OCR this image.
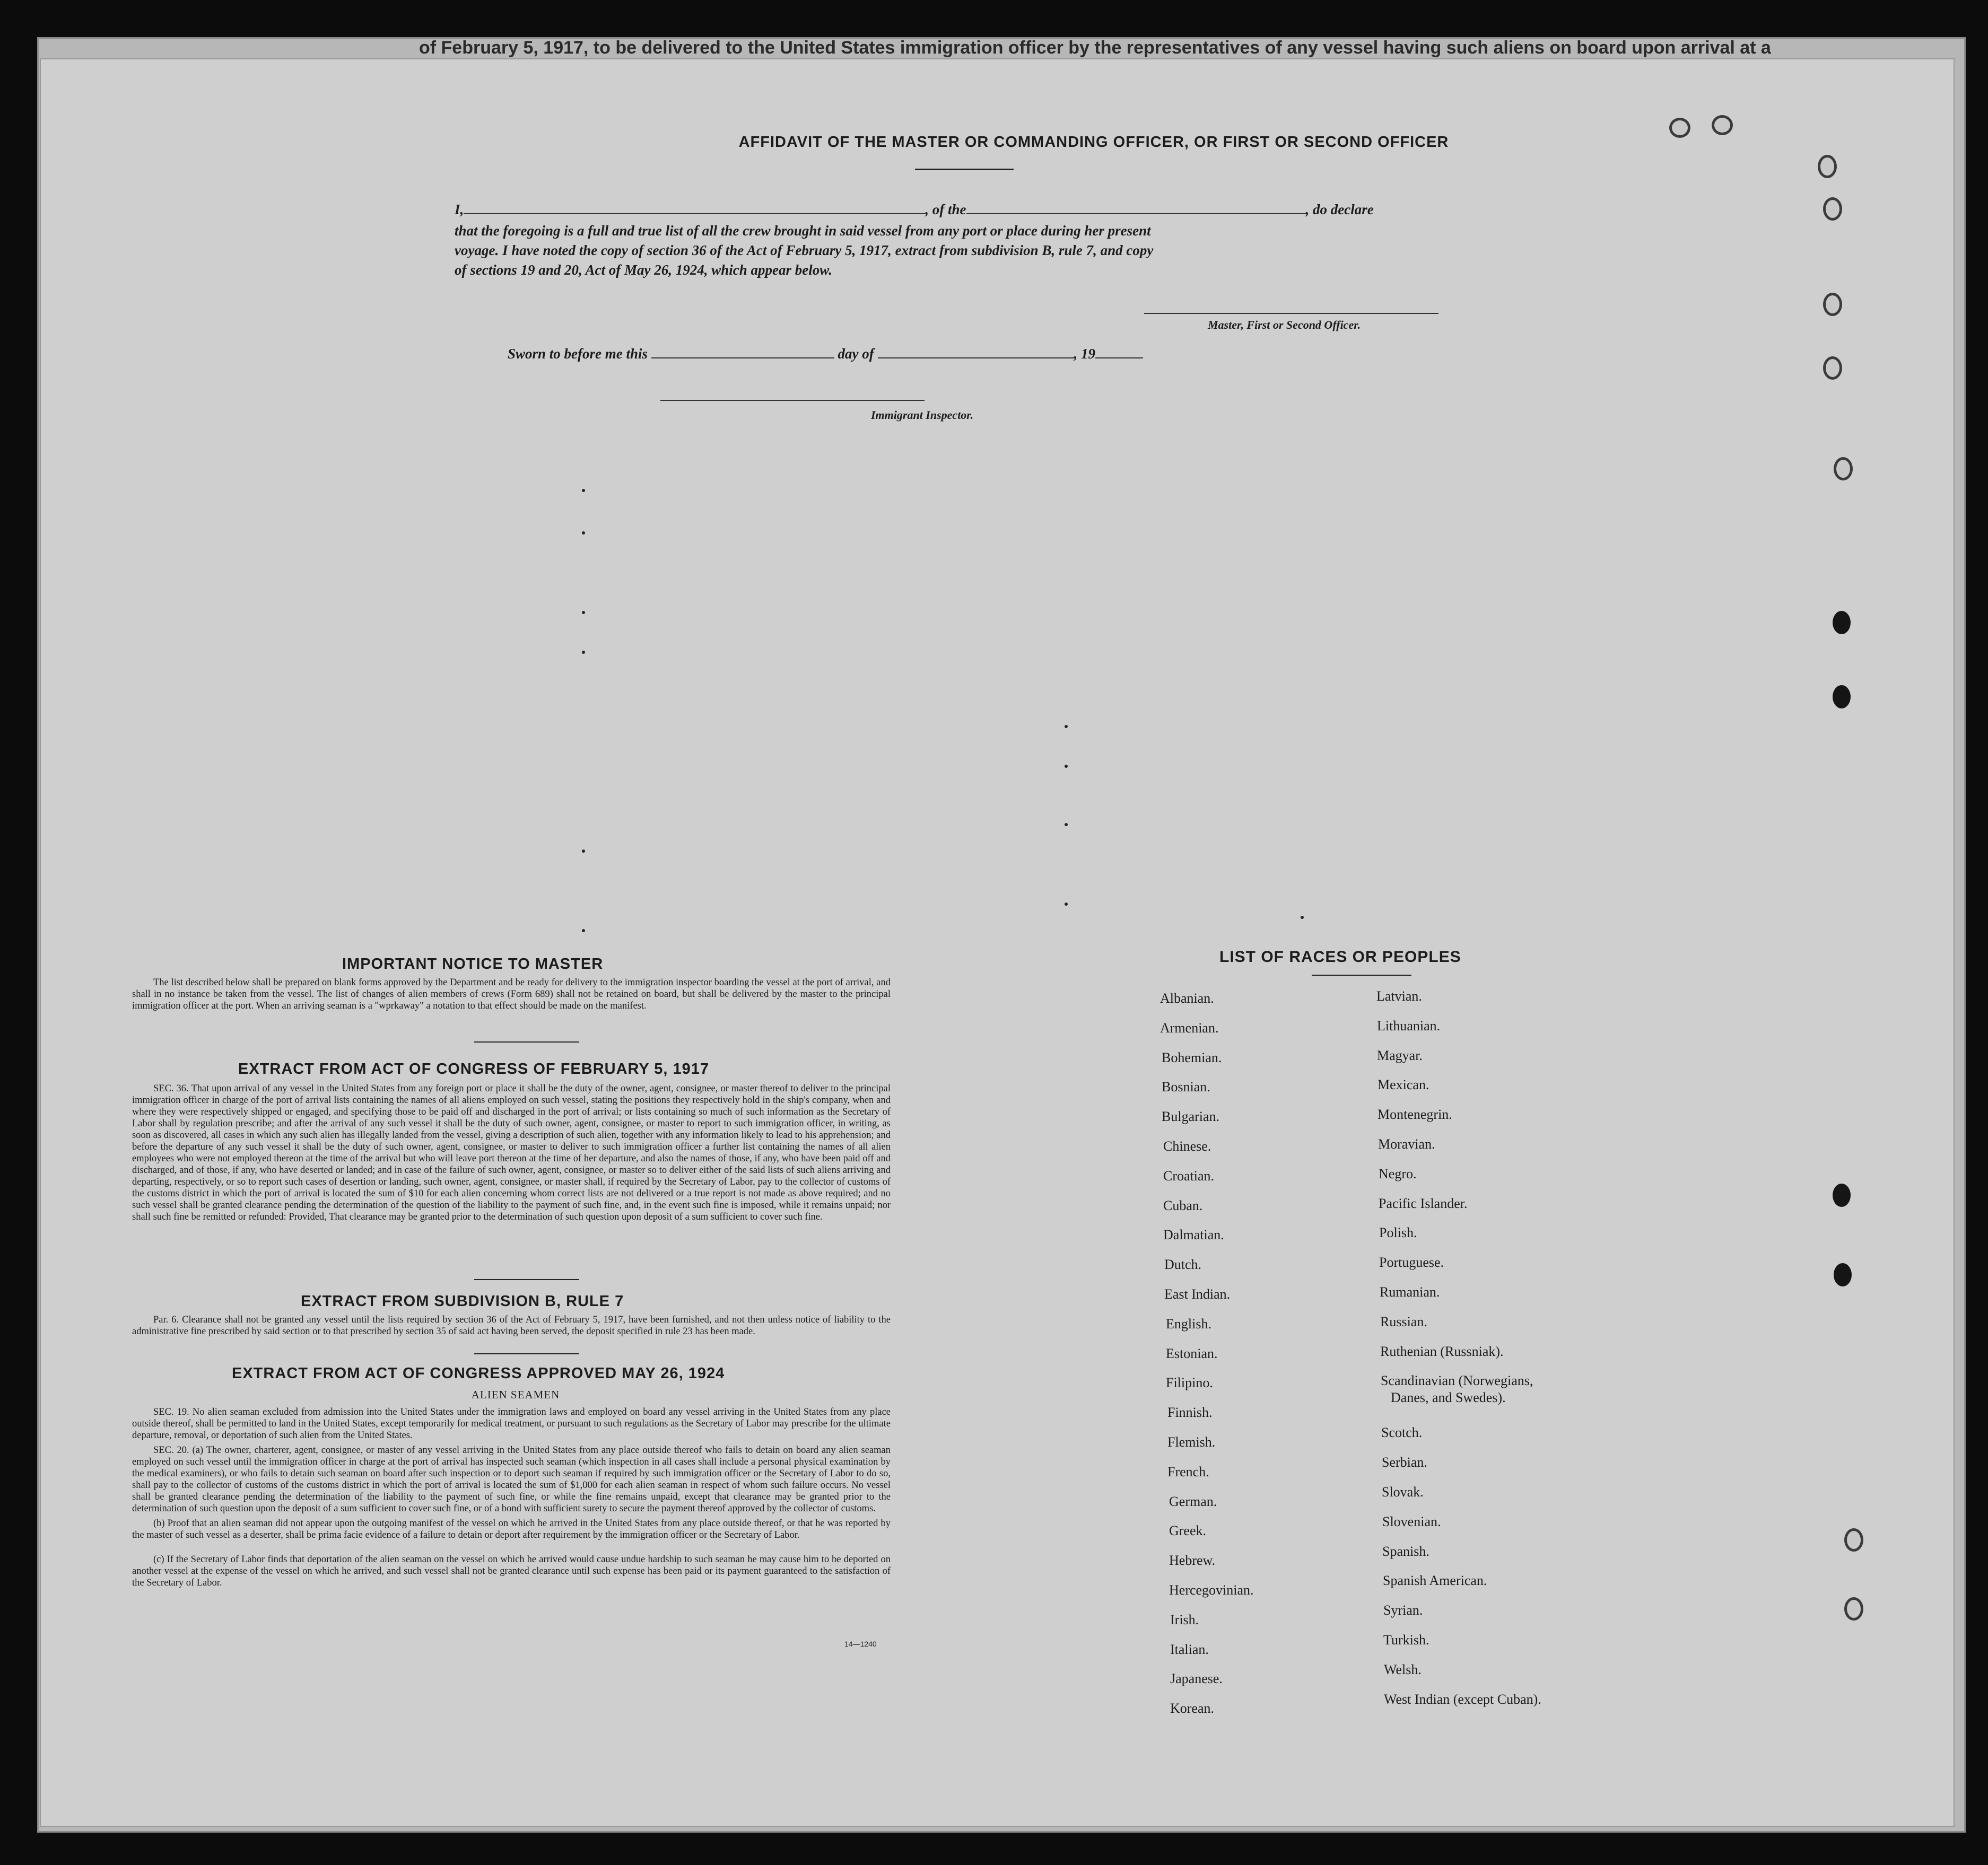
of February 5, 1917, to be delivered to the United States immigration officer by the representatives of any vessel having such aliens on board upon arrival at a
AFFIDAVIT OF THE MASTER OR COMMANDING OFFICER, OR FIRST OR SECOND OFFICER
I,	, of the	, do declare
that the foregoing is a full and true list of all the crew brought in said vessel from any port or place during her present
voyage. I have noted the copy of section 36 of the Act of February 5, 1917, extract from subdivision B, rule 7, and copy
of sections 19 and 20, Act of May 26, 1924, which appear below.
Master, First or Second Officer.
Sworn to before me this	day of	, 19
Immigrant Inspector.
IMPORTANT NOTICE TO MASTER
The list described below shall be prepared on blank forms approved by the Department and be ready for delivery to the immigration inspector boarding the vessel at the port of arrival, and shall in no instance be taken from the vessel. The list of changes of alien members of crews (Form 689) shall not be retained on board, but shall be delivered by the master to the principal immigration officer at the port. When an arriving seaman is a "wprkaway" a notation to that effect should be made on the manifest.
EXTRACT FROM ACT OF CONGRESS OF FEBRUARY 5, 1917
SEC. 36. That upon arrival of any vessel in the United States from any foreign port or place it shall be the duty of the owner, agent, consignee, or master thereof to deliver to the principal immigration officer in charge of the port of arrival lists containing the names of all aliens employed on such vessel, stating the positions they respectively hold in the ship's company, when and where they were respectively shipped or engaged, and specifying those to be paid off and discharged in the port of arrival; or lists containing so much of such information as the Secretary of Labor shall by regulation prescribe; and after the arrival of any such vessel it shall be the duty of such owner, agent, consignee, or master to report to such immigration officer, in writing, as soon as discovered, all cases in which any such alien has illegally landed from the vessel, giving a description of such alien, together with any information likely to lead to his apprehension; and before the departure of any such vessel it shall be the duty of such owner, agent, consignee, or master to deliver to such immigration officer a further list containing the names of all alien employees who were not employed thereon at the time of the arrival but who will leave port thereon at the time of her departure, and also the names of those, if any, who have been paid off and discharged, and of those, if any, who have deserted or landed; and in case of the failure of such owner, agent, consignee, or master so to deliver either of the said lists of such aliens arriving and departing, respectively, or so to report such cases of desertion or landing, such owner, agent, consignee, or master shall, if required by the Secretary of Labor, pay to the collector of customs of the customs district in which the port of arrival is located the sum of $10 for each alien concerning whom correct lists are not delivered or a true report is not made as above required; and no such vessel shall be granted clearance pending the determination of the question of the liability to the payment of such fine, and, in the event such fine is imposed, while it remains unpaid; nor shall such fine be remitted or refunded: Provided, That clearance may be granted prior to the determination of such question upon deposit of a sum sufficient to cover such fine.
EXTRACT FROM SUBDIVISION B, RULE 7
Par. 6. Clearance shall not be granted any vessel until the lists required by section 36 of the Act of February 5, 1917, have been furnished, and not then unless notice of liability to the administrative fine prescribed by said section or to that prescribed by section 35 of said act having been served, the deposit specified in rule 23 has been made.
EXTRACT FROM ACT OF CONGRESS APPROVED MAY 26, 1924
ALIEN SEAMEN
SEC. 19. No alien seaman excluded from admission into the United States under the immigration laws and employed on board any vessel arriving in the United States from any place outside thereof, shall be permitted to land in the United States, except temporarily for medical treatment, or pursuant to such regulations as the Secretary of Labor may prescribe for the ultimate departure, removal, or deportation of such alien from the United States.
SEC. 20. (a) The owner, charterer, agent, consignee, or master of any vessel arriving in the United States from any place outside thereof who fails to detain on board any alien seaman employed on such vessel until the immigration officer in charge at the port of arrival has inspected such seaman (which inspection in all cases shall include a personal physical examination by the medical examiners), or who fails to detain such seaman on board after such inspection or to deport such seaman if required by such immigration officer or the Secretary of Labor to do so, shall pay to the collector of customs of the customs district in which the port of arrival is located the sum of $1,000 for each alien seaman in respect of whom such failure occurs. No vessel shall be granted clearance pending the determination of the liability to the payment of such fine, or while the fine remains unpaid, except that clearance may be granted prior to the determination of such question upon the deposit of a sum sufficient to cover such fine, or of a bond with sufficient surety to secure the payment thereof approved by the collector of customs.
(b) Proof that an alien seaman did not appear upon the outgoing manifest of the vessel on which he arrived in the United States from any place outside thereof, or that he was reported by the master of such vessel as a deserter, shall be prima facie evidence of a failure to detain or deport after requirement by the immigration officer or the Secretary of Labor.
(c) If the Secretary of Labor finds that deportation of the alien seaman on the vessel on which he arrived would cause undue hardship to such seaman he may cause him to be deported on another vessel at the expense of the vessel on which he arrived, and such vessel shall not be granted clearance until such expense has been paid or its payment guaranteed to the satisfaction of the Secretary of Labor.
14—1240
LIST OF RACES OR PEOPLES
Albanian.
Armenian.
Bohemian.
Bosnian.
Bulgarian.
Chinese.
Croatian.
Cuban.
Dalmatian.
Dutch.
East Indian.
English.
Estonian.
Filipino.
Finnish.
Flemish.
French.
German.
Greek.
Hebrew.
Hercegovinian.
Irish.
Italian.
Japanese.
Korean.
Latvian.
Lithuanian.
Magyar.
Mexican.
Montenegrin.
Moravian.
Negro.
Pacific Islander.
Polish.
Portuguese.
Rumanian.
Russian.
Ruthenian (Russniak).
Scandinavian (Norwegians,
Danes, and Swedes).
Scotch.
Serbian.
Slovak.
Slovenian.
Spanish.
Spanish American.
Syrian.
Turkish.
Welsh.
West Indian (except Cuban).
